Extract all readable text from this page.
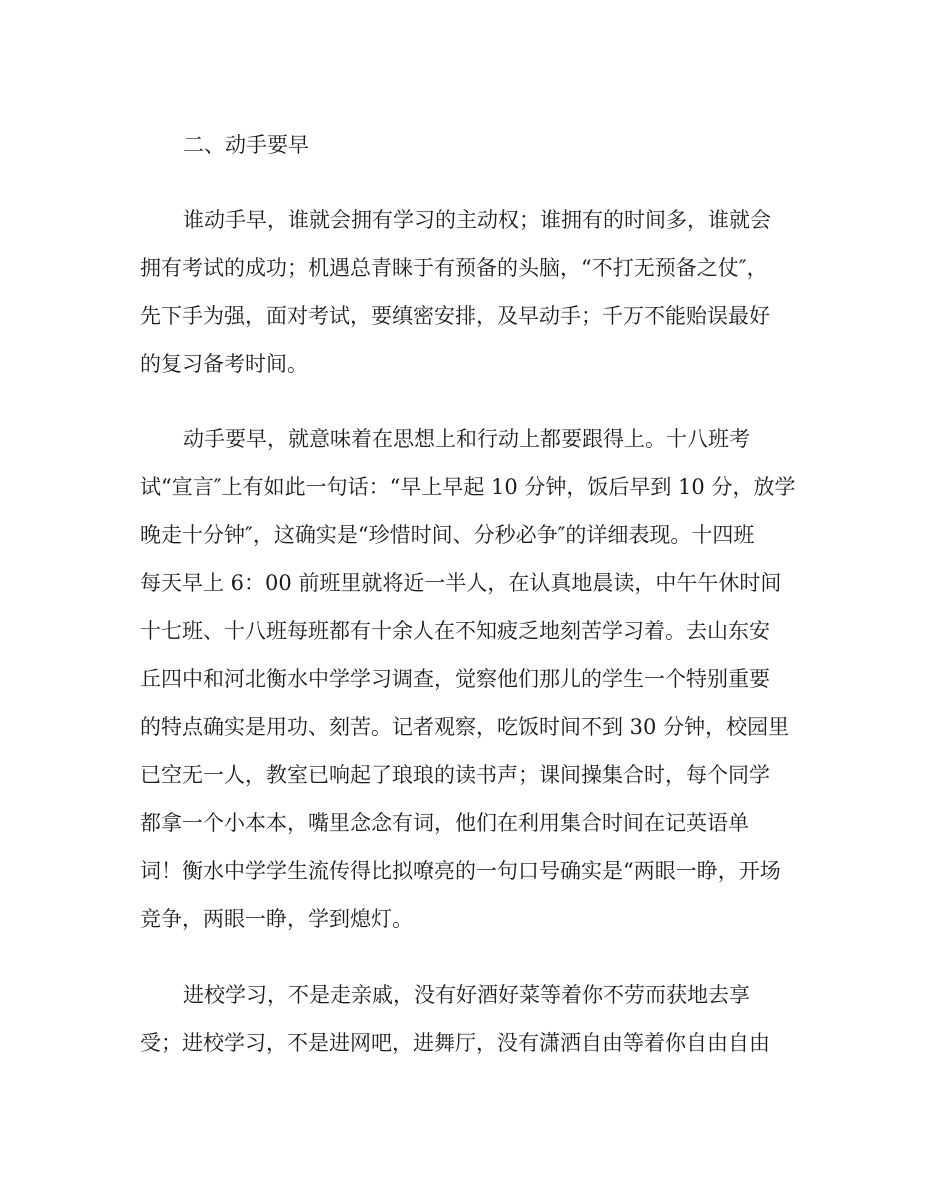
二、动手要早
谁动手早，谁就会拥有学习的主动权；谁拥有的时间多，谁就会
拥有考试的成功；机遇总青睐于有预备的头脑，“不打无预备之仗″，
先下手为强，面对考试，要缜密安排，及早动手；千万不能贻误最好
的复习备考时间。
动手要早，就意味着在思想上和行动上都要跟得上。十八班考
试“宣言″上有如此一句话：“早上早起 10 分钟，饭后早到 10 分，放学
晚走十分钟″，这确实是“珍惜时间、分秒必争″的详细表现。十四班
每天早上 6：00 前班里就将近一半人，在认真地晨读，中午午休时间
十七班、十八班每班都有十余人在不知疲乏地刻苦学习着。去山东安
丘四中和河北衡水中学学习调查，觉察他们那儿的学生一个特别重要
的特点确实是用功、刻苦。记者观察，吃饭时间不到 30 分钟，校园里
已空无一人，教室已响起了琅琅的读书声；课间操集合时，每个同学
都拿一个小本本，嘴里念念有词，他们在利用集合时间在记英语单
词！衡水中学学生流传得比拟嘹亮的一句口号确实是“两眼一睁，开场
竞争，两眼一睁，学到熄灯。
进校学习，不是走亲戚，没有好酒好菜等着你不劳而获地去享
受；进校学习，不是进网吧，进舞厅，没有潇洒自由等着你自由自由
